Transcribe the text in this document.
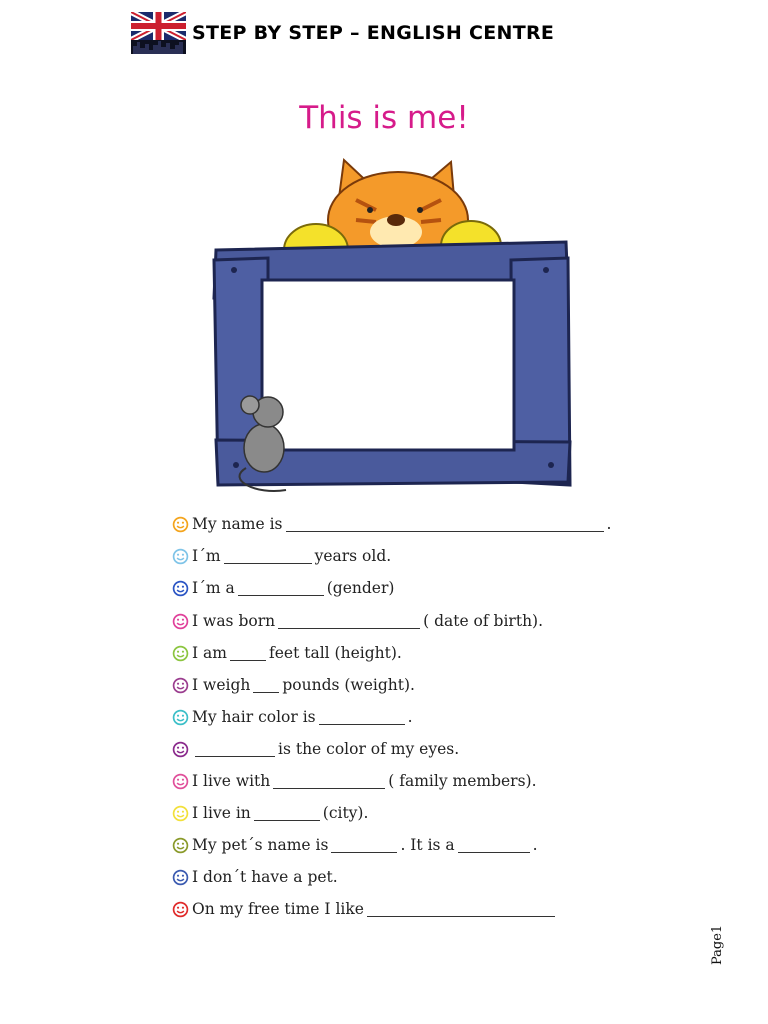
STEP BY STEP – ENGLISH CENTRE
This is me!
My name is	.
I´m	years old.
I´m a	(gender)
I was born	( date of birth).
I am	feet tall (height).
I weigh pounds (weight).
My hair color is	.
is the color of my eyes.
I live with	( family members).
I live in	(city).
My pet´s name is	. It is a	.
I don´t have a pet.
On my free time I like
Page1
